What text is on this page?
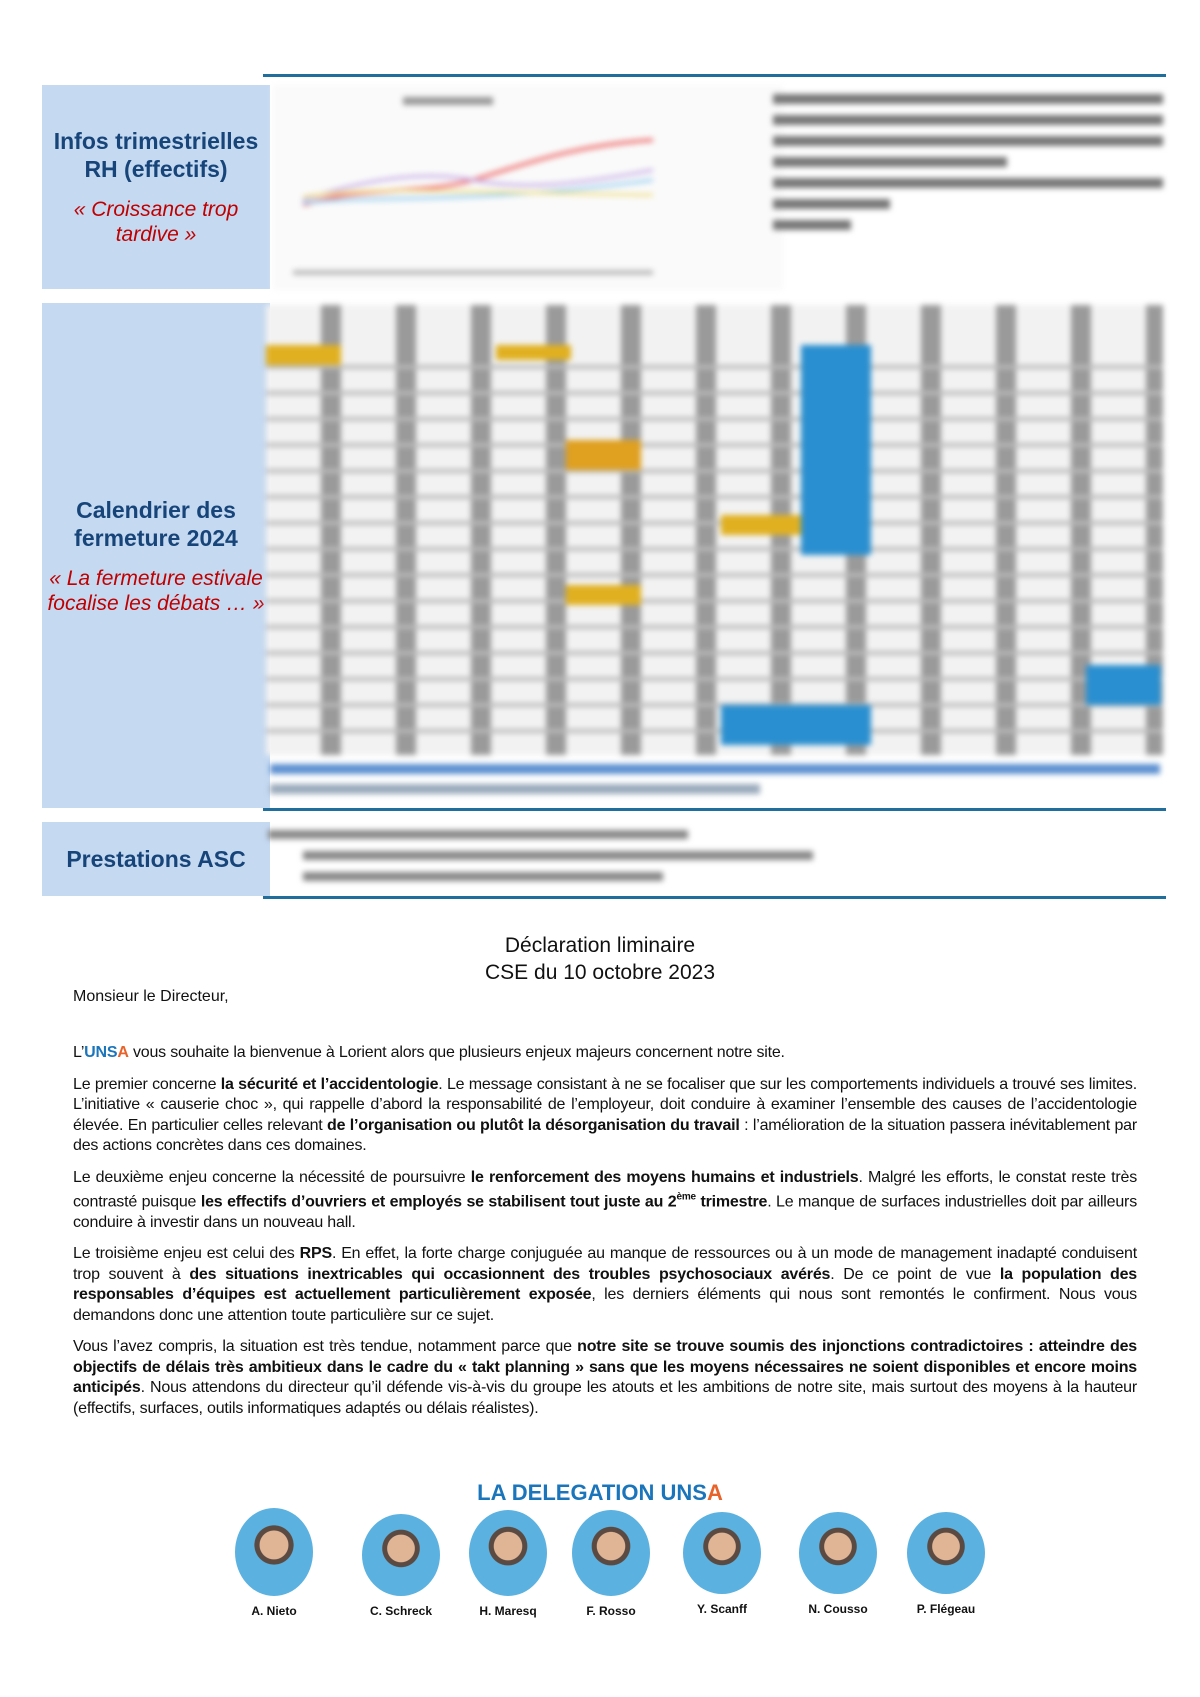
Infos trimestrielles RH (effectifs)
« Croissance trop tardive »
Calendrier des fermeture 2024
« La fermeture estivale focalise les débats … »
Prestations ASC
Déclaration liminaire
CSE du 10 octobre 2023
Monsieur le Directeur,

L’UNSA vous souhaite la bienvenue à Lorient alors que plusieurs enjeux majeurs concernent notre site.

Le premier concerne la sécurité et l’accidentologie. Le message consistant à ne se focaliser que sur les comportements individuels a trouvé ses limites. L’initiative « causerie choc », qui rappelle d’abord la responsabilité de l’employeur, doit conduire à examiner l’ensemble des causes de l’accidentologie élevée. En particulier celles relevant de l’organisation ou plutôt la désorganisation du travail : l’amélioration de la situation passera inévitablement par des actions concrètes dans ces domaines.

Le deuxième enjeu concerne la nécessité de poursuivre le renforcement des moyens humains et industriels. Malgré les efforts, le constat reste très contrasté puisque les effectifs d’ouvriers et employés se stabilisent tout juste au 2ème trimestre. Le manque de surfaces industrielles doit par ailleurs conduire à investir dans un nouveau hall.

Le troisième enjeu est celui des RPS. En effet, la forte charge conjuguée au manque de ressources ou à un mode de management inadapté conduisent trop souvent à des situations inextricables qui occasionnent des troubles psychosociaux avérés. De ce point de vue la population des responsables d’équipes est actuellement particulièrement exposée, les derniers éléments qui nous sont remontés le confirment. Nous vous demandons donc une attention toute particulière sur ce sujet.

Vous l’avez compris, la situation est très tendue, notamment parce que notre site se trouve soumis des injonctions contradictoires : atteindre des objectifs de délais très ambitieux dans le cadre du « takt planning » sans que les moyens nécessaires ne soient disponibles et encore moins anticipés. Nous attendons du directeur qu’il défende vis-à-vis du groupe les atouts et les ambitions de notre site, mais surtout des moyens à la hauteur (effectifs, surfaces, outils informatiques adaptés ou délais réalistes).

LA DELEGATION UNSA
A. Nieto	C. Schreck	H. Maresq	F. Rosso	Y. Scanff	N. Cousso	P. Flégeau
